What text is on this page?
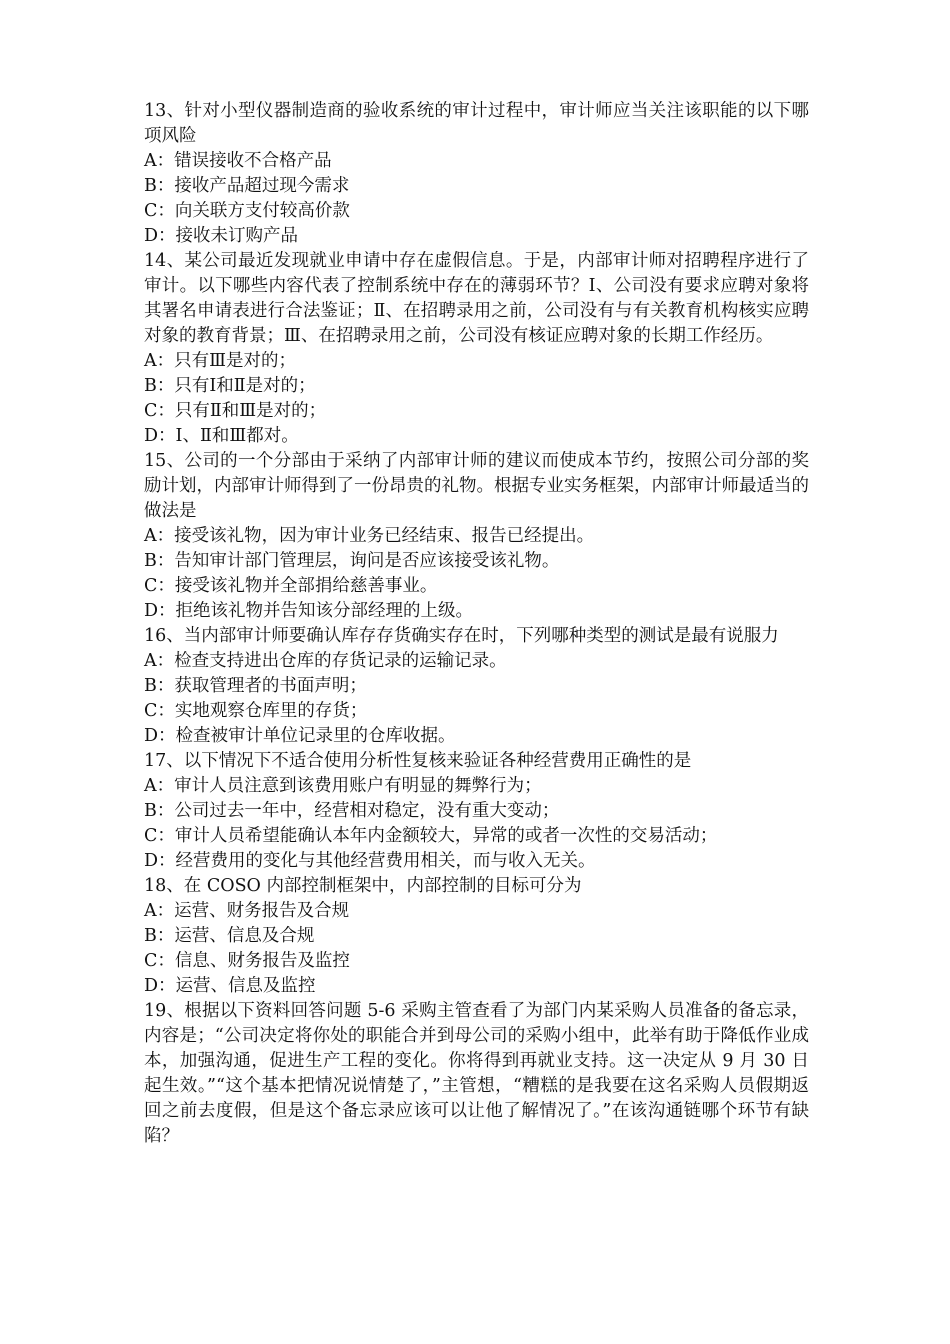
13、针对小型仪器制造商的验收系统的审计过程中，审计师应当关注该职能的以下哪项风险

A：错误接收不合格产品

B：接收产品超过现今需求

C：向关联方支付较高价款

D：接收未订购产品

14、某公司最近发现就业申请中存在虚假信息。于是，内部审计师对招聘程序进行了审计。以下哪些内容代表了控制系统中存在的薄弱环节？Ⅰ、公司没有要求应聘对象将其署名申请表进行合法鉴证；Ⅱ、在招聘录用之前，公司没有与有关教育机构核实应聘对象的教育背景；Ⅲ、在招聘录用之前，公司没有核证应聘对象的长期工作经历。

A：只有Ⅲ是对的；

B：只有Ⅰ和Ⅱ是对的；

C：只有Ⅱ和Ⅲ是对的；

D：Ⅰ、Ⅱ和Ⅲ都对。

15、公司的一个分部由于采纳了内部审计师的建议而使成本节约，按照公司分部的奖励计划，内部审计师得到了一份昂贵的礼物。根据专业实务框架，内部审计师最适当的做法是

A：接受该礼物，因为审计业务已经结束、报告已经提出。

B：告知审计部门管理层，询问是否应该接受该礼物。

C：接受该礼物并全部捐给慈善事业。

D：拒绝该礼物并告知该分部经理的上级。

16、当内部审计师要确认库存存货确实存在时，下列哪种类型的测试是最有说服力

A：检查支持进出仓库的存货记录的运输记录。

B：获取管理者的书面声明；

C：实地观察仓库里的存货；

D：检查被审计单位记录里的仓库收据。

17、以下情况下不适合使用分析性复核来验证各种经营费用正确性的是

A：审计人员注意到该费用账户有明显的舞弊行为；

B：公司过去一年中，经营相对稳定，没有重大变动；

C：审计人员希望能确认本年内金额较大，异常的或者一次性的交易活动；

D：经营费用的变化与其他经营费用相关，而与收入无关。

18、在 COSO 内部控制框架中，内部控制的目标可分为

A：运营、财务报告及合规

B：运营、信息及合规

C：信息、财务报告及监控

D：运营、信息及监控

19、根据以下资料回答问题 5-6 采购主管查看了为部门内某采购人员准备的备忘录，内容是；“公司决定将你处的职能合并到母公司的采购小组中，此举有助于降低作业成本，加强沟通，促进生产工程的变化。你将得到再就业支持。这一决定从 9 月 30 日起生效。”“这个基本把情况说情楚了，”主管想，“糟糕的是我要在这名采购人员假期返回之前去度假，但是这个备忘录应该可以让他了解情况了。”在该沟通链哪个环节有缺陷？
